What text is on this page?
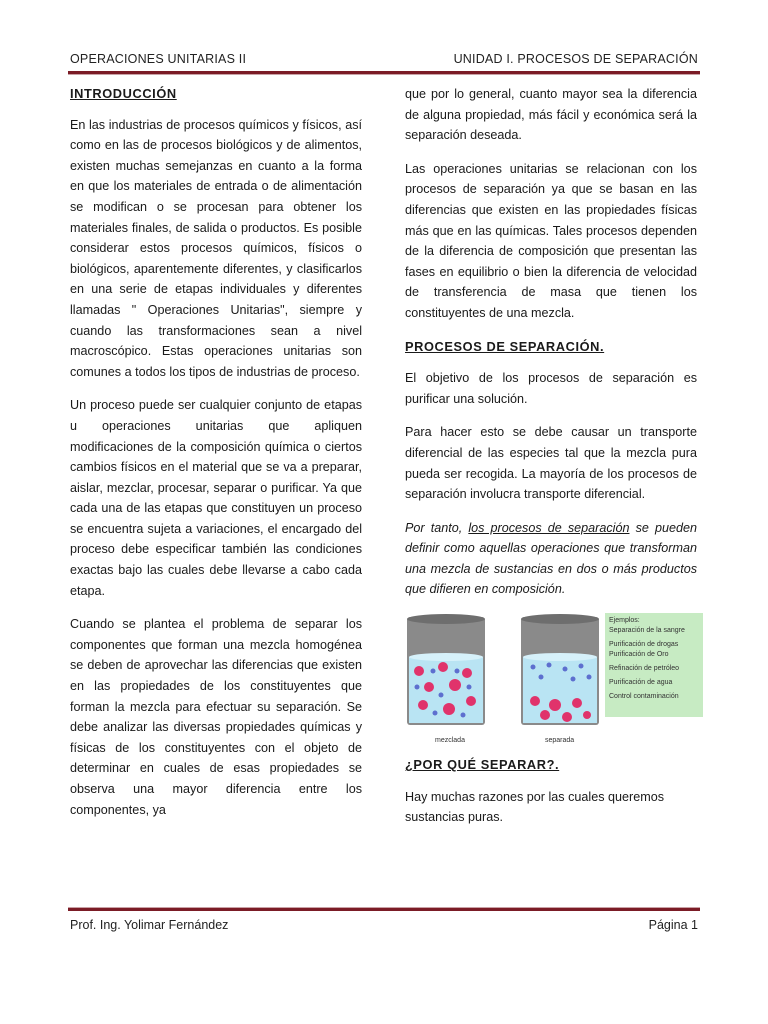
OPERACIONES UNITARIAS II	UNIDAD I. PROCESOS DE SEPARACIÓN
INTRODUCCIÓN

En las industrias de procesos químicos y físicos, así como en las de procesos biológicos y de alimentos, existen muchas semejanzas en cuanto a la forma en que los materiales de entrada o de alimentación se modifican o se procesan para obtener los materiales finales, de salida o productos. Es posible considerar estos procesos químicos, físicos o biológicos, aparentemente diferentes, y clasificarlos en una serie de etapas individuales y diferentes llamadas " Operaciones Unitarias", siempre y cuando las transformaciones sean a nivel macroscópico. Estas operaciones unitarias son comunes a todos los tipos de industrias de proceso.

Un proceso puede ser cualquier conjunto de etapas u operaciones unitarias que apliquen modificaciones de la composición química o ciertos cambios físicos en el material que se va a preparar, aislar, mezclar, procesar, separar o purificar. Ya que cada una de las etapas que constituyen un proceso se encuentra sujeta a variaciones, el encargado del proceso debe especificar también las condiciones exactas bajo las cuales debe llevarse a cabo cada etapa.

Cuando se plantea el problema de separar los componentes que forman una mezcla homogénea se deben de aprovechar las diferencias que existen en las propiedades de los constituyentes que forman la mezcla para efectuar su separación. Se debe analizar las diversas propiedades químicas y físicas de los constituyentes con el objeto de determinar en cuales de esas propiedades se observa una mayor diferencia entre los componentes, ya

que por lo general, cuanto mayor sea la diferencia de alguna propiedad, más fácil y económica será la separación deseada.

Las operaciones unitarias se relacionan con los procesos de separación ya que se basan en las diferencias que existen en las propiedades físicas más que en las químicas. Tales procesos dependen de la diferencia de composición que presentan las fases en equilibrio o bien la diferencia de velocidad de transferencia de masa que tienen los constituyentes de una mezcla.

PROCESOS DE SEPARACIÓN.

El objetivo de los procesos de separación es purificar una solución.

Para hacer esto se debe causar un transporte diferencial de las especies tal que la mezcla pura pueda ser recogida. La mayoría de los procesos de separación involucra transporte diferencial.

Por tanto, los procesos de separación se pueden definir como aquellas operaciones que transforman una mezcla de sustancias en dos o más productos que difieren en composición.

mezclada	separada
Ejemplos:
Separación de la sangre
Purificación de drogas Purificación de Oro
Refinación de petróleo
Purificación de agua
Control contaminación
¿POR QUÉ SEPARAR?.

Hay muchas razones por las cuales queremos sustancias puras.

Prof. Ing. Yolimar Fernández	Página 1
